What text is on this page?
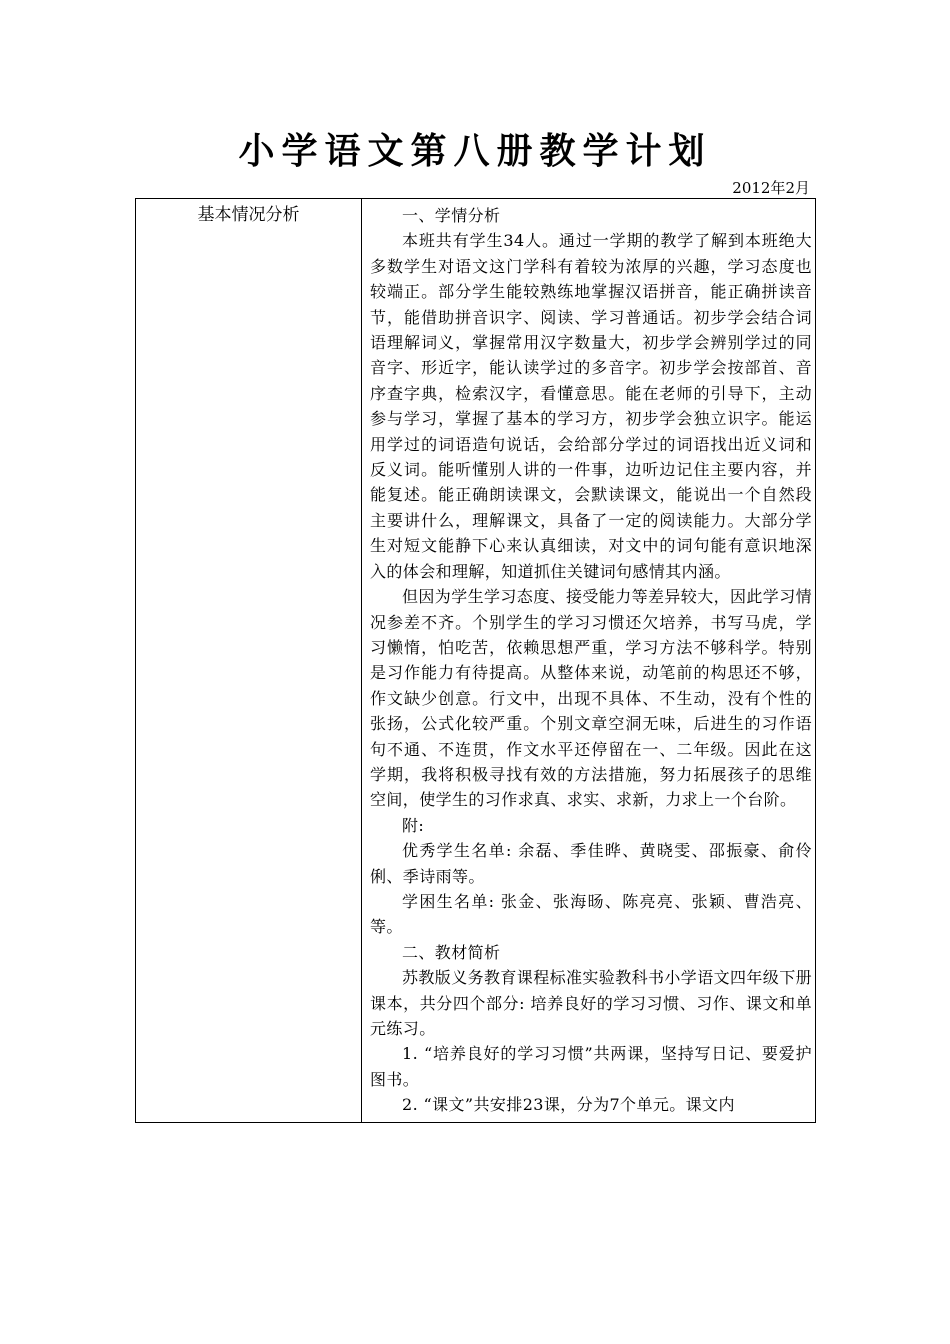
小学语文第八册教学计划
2012年2月
基本情况分析	一、学情分析

本班共有学生34人。通过一学期的教学了解到本班绝大多数学生对语文这门学科有着较为浓厚的兴趣，学习态度也较端正。部分学生能较熟练地掌握汉语拼音，能正确拼读音节，能借助拼音识字、阅读、学习普通话。初步学会结合词语理解词义，掌握常用汉字数量大，初步学会辨别学过的同音字、形近字，能认读学过的多音字。初步学会按部首、音序查字典，检索汉字，看懂意思。能在老师的引导下，主动参与学习，掌握了基本的学习方，初步学会独立识字。能运用学过的词语造句说话，会给部分学过的词语找出近义词和反义词。能听懂别人讲的一件事，边听边记住主要内容，并能复述。能正确朗读课文，会默读课文，能说出一个自然段主要讲什么，理解课文，具备了一定的阅读能力。大部分学生对短文能静下心来认真细读，对文中的词句能有意识地深入的体会和理解，知道抓住关键词句感情其内涵。

但因为学生学习态度、接受能力等差异较大，因此学习情况参差不齐。个别学生的学习习惯还欠培养，书写马虎，学习懒惰，怕吃苦，依赖思想严重，学习方法不够科学。特别是习作能力有待提高。从整体来说，动笔前的构思还不够，作文缺少创意。行文中，出现不具体、不生动，没有个性的张扬，公式化较严重。个别文章空洞无味，后进生的习作语句不通、不连贯，作文水平还停留在一、二年级。因此在这学期，我将积极寻找有效的方法措施，努力拓展孩子的思维空间，使学生的习作求真、求实、求新，力求上一个台阶。

附:

优秀学生名单: 余磊、季佳晔、黄晓雯、邵振豪、俞伶俐、季诗雨等。

学困生名单: 张金、张海旸、陈亮亮、张颖、曹浩亮、等。

二、教材简析

苏教版义务教育课程标准实验教科书小学语文四年级下册课本，共分四个部分: 培养良好的学习习惯、习作、课文和单元练习。

1. “培养良好的学习习惯”共两课，坚持写日记、要爱护图书。

2. “课文”共安排23课，分为7个单元。课文内
